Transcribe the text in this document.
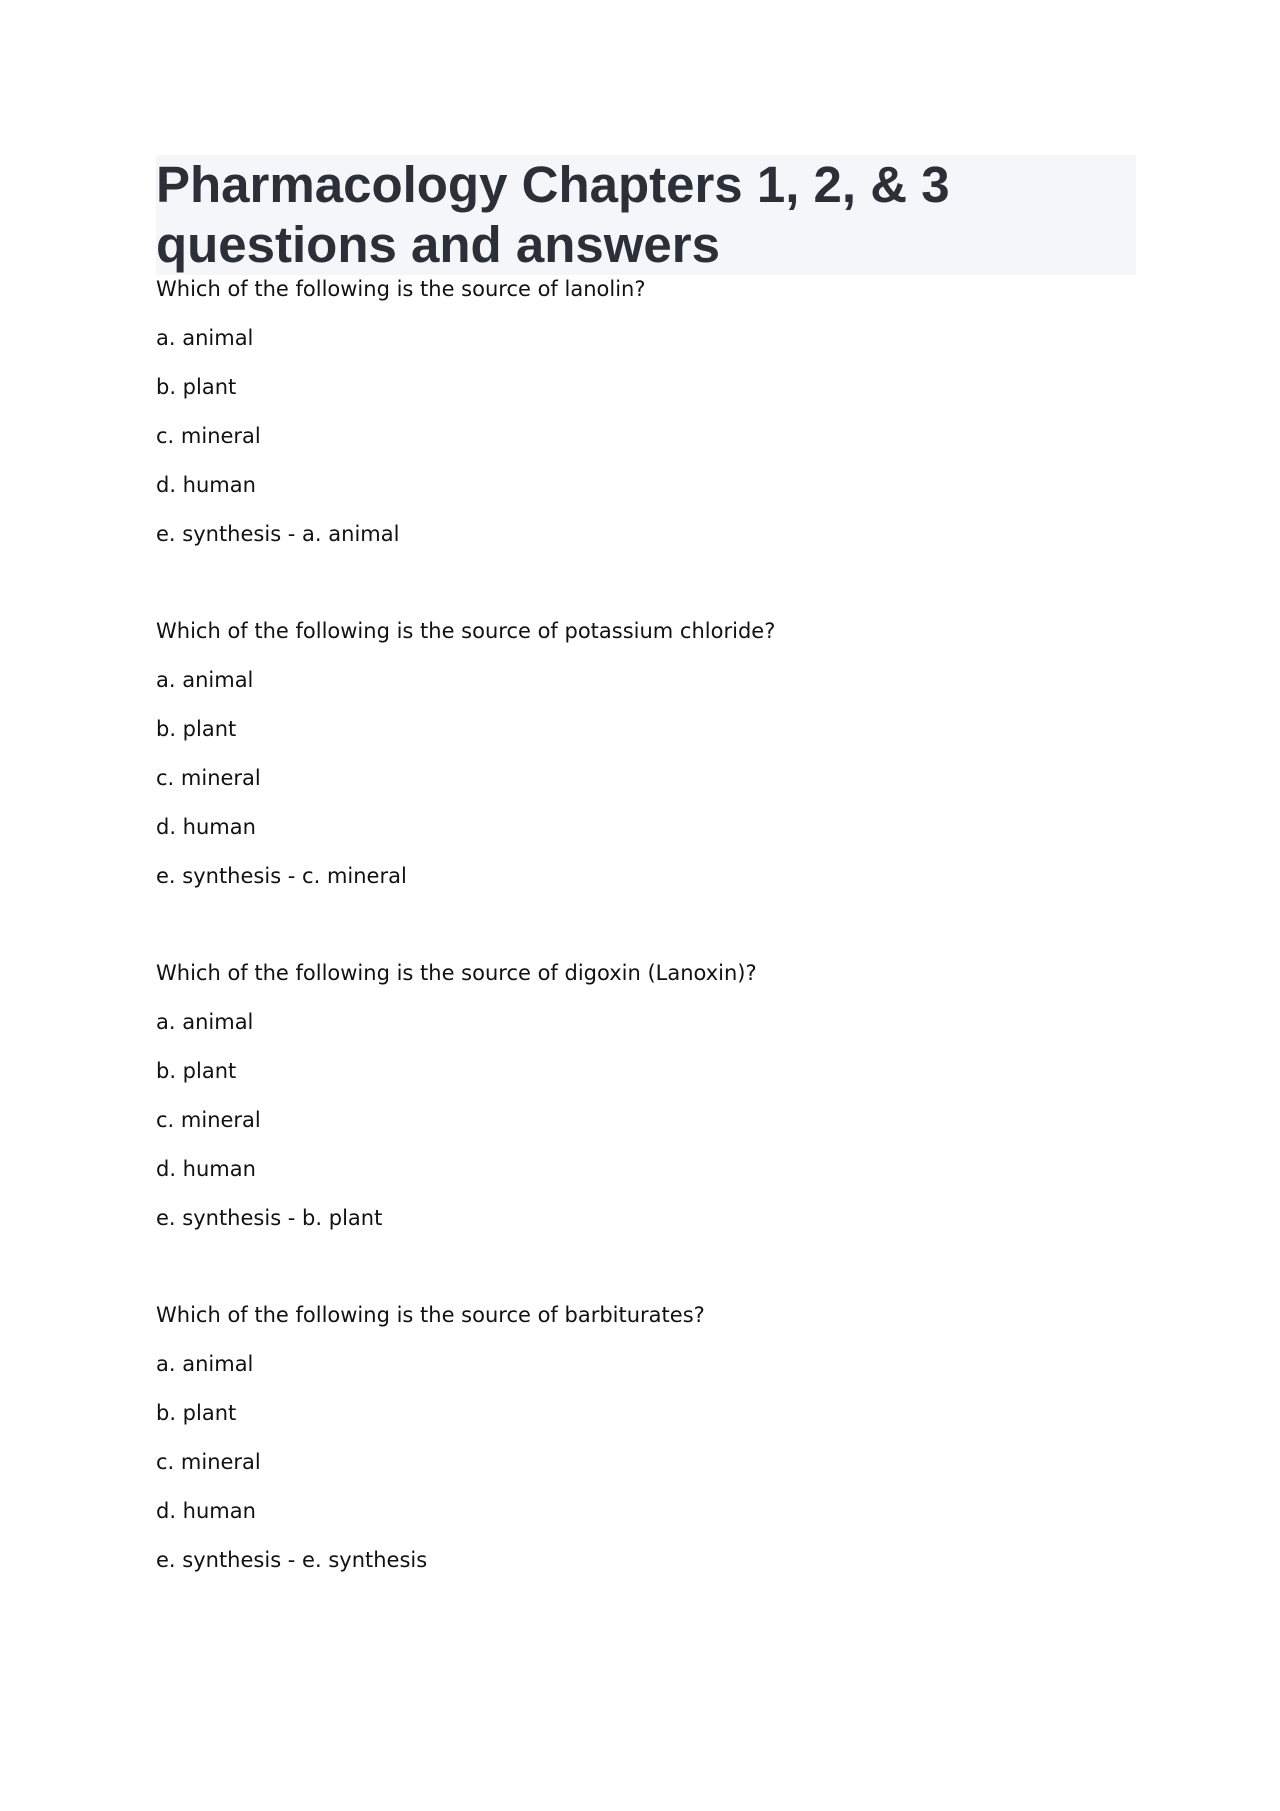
Pharmacology Chapters 1, 2, & 3 questions and answers
Which of the following is the source of lanolin?
a. animal
b. plant
c. mineral
d. human
e. synthesis - a. animal
Which of the following is the source of potassium chloride?
a. animal
b. plant
c. mineral
d. human
e. synthesis - c. mineral
Which of the following is the source of digoxin (Lanoxin)?
a. animal
b. plant
c. mineral
d. human
e. synthesis - b. plant
Which of the following is the source of barbiturates?
a. animal
b. plant
c. mineral
d. human
e. synthesis - e. synthesis
